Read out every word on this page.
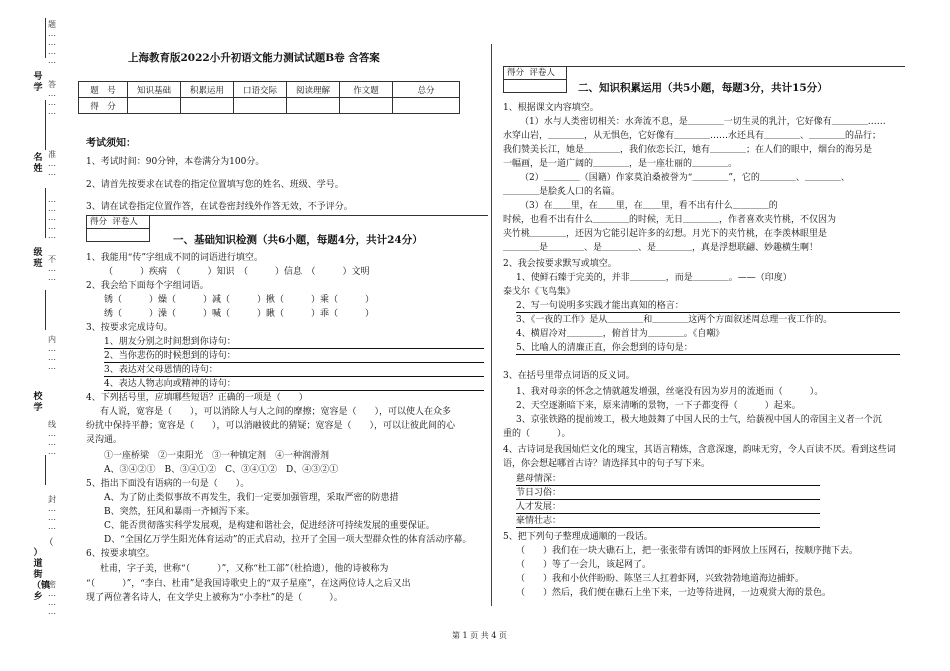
题
…
…
…
…
答
…
…
…
号学
准
…
…
名姓
…
…
…
…
…
级班 不
…
…
内
…
…
…
校学
线
…
…
…
封
…
…
…
（
）道街（镇乡
密
…
…
…
上海教育版2022小升初语文能力测试试题B卷 含答案
题　号	知识基础	积累运用	口语交际	阅读理解	作文题	总分
得　分						
考试须知：
1、考试时间：90分钟，本卷满分为100分。
2、请首先按要求在试卷的指定位置填写您的姓名、班级、学号。
3、请在试卷指定位置作答，在试卷密封线外作答无效，不予评分。
得分 评卷人
一、基础知识检测（共6小题，每题4分，共计24分）
1、我能用“传”字组成不同的词语进行填空。
（　　　）疾病　（　　　）知识　（　　　）信息　（　　　）文明
2、我会给下面每个字组词语。
锈（　　　）燥（　　　）减（　　　）揪（　　　）乘（　　　）
绣（　　　）澡（　　　）喊（　　　）瞅（　　　）乖（　　　）
3、按要求完成诗句。
1、朋友分别之时间想到你诗句：
2、当你悲伤的时候想到的诗句：
3、表达对父母恩情的诗句：
4、表达人物志向或精神的诗句：
4、下列括号里，应填哪些短语？正确的一项是（　　）
有人说，宽容是（　　），可以消除人与人之间的摩擦；宽容是（　　），可以使人在众多
纷扰中保持平静；宽容是（　　），可以消融彼此的猜疑；宽容是（　　），可以让彼此间的心
灵沟通。
①一座桥梁　②一束阳光　③一种镇定剂　④一种润滑剂
A、③④②①　B、③④①②　C、③④①②　D、④③②①
5、指出下面没有语病的一句是（　　）。
A、为了防止类似事故不再发生，我们一定要加强管理，采取严密的防患措
B、突然，狂风和暴雨一齐倾泻下来。
C、能否贯彻落实科学发展观，是构建和谐社会，促进经济可持续发展的重要保证。
D、“全国亿万学生阳光体育运动”的正式启动，拉开了全国一项大型群众性的体育活动序幕。
6、按要求填空。
杜甫，字子美，世称“（　　　）”，又称“杜工部”（杜拾遗），他的诗被称为
“（　　　）”，“李白、杜甫”是我国诗歌史上的“双子星座”，在这两位诗人之后又出
现了两位著名诗人，在文学史上被称为“小李杜”的是（　　　）。
得分 评卷人
二、知识积累运用（共5小题，每题3分，共计15分）
1、根据课文内容填空。
（1）水与人类密切相关：水奔流不息，是＿＿＿＿一切生灵的乳汁，它好像有＿＿＿＿……
水穿山岩，＿＿＿＿，从无惧色，它好像有＿＿＿＿……水还具有＿＿＿＿、＿＿＿＿的品行；
我们赞美长江，她是＿＿＿＿，我们依恋长江，她有＿＿＿＿；在人们的眼中，烟台的海另是
一幅画，是一道广阔的＿＿＿＿，是一座壮丽的＿＿＿＿。
（2）＿＿＿＿（国籍）作家莫泊桑被誉为“＿＿＿＿”，它的＿＿＿＿、＿＿＿＿、
＿＿＿＿是脍炙人口的名篇。
（3）在＿＿里，在＿＿里，在＿＿里，看不出有什么＿＿＿＿的
时候，也看不出有什么＿＿＿＿的时候，无日＿＿＿＿，作者喜欢夹竹桃，不仅因为
夹竹桃＿＿＿＿，还因为它能引起许多的幻想。月光下的夹竹桃，在李羡林眼里是
＿＿＿＿是＿＿＿＿、是＿＿＿＿、是＿＿＿＿，真是浮想联翩、妙趣横生啊！
2、我会按要求默写或填空。
1、使鲜石臻于完美的，并非＿＿＿＿，而是＿＿＿＿。——（印度）
泰戈尔《飞鸟集》
2、写一句说明多实践才能出真知的格言：
3、《一夜的工作》是从＿＿＿＿和＿＿＿＿这两个方面叙述周总理一夜工作的。
4、横眉冷对＿＿＿＿，俯首甘为＿＿＿＿。《自嘲》
5、比喻人的清廉正直，你会想到的诗句是：
3、在括号里带点词语的反义词。
1、我对母亲的怀念之情就越发增强，丝毫没有因为岁月的流逝而（　　　）。
2、天空逐渐暗下来，原来清晰的景物，一下子都变得（　　　）起来。
3、京张铁路的提前竣工，极大地鼓舞了中国人民的士气，给藐视中国人的帝国主义者一个沉
重的（　　　）。
4、古诗词是我国灿烂文化的瑰宝，其语言精炼，含意深邃，韵味无穷，令人百读不厌。看到这些词
语，你会想起哪首古诗？请选择其中的句子写下来。
慈母情深：
节日习俗：
人才发展：
豪情壮志：
5、把下列句子整理成通顺的一段话。
（　　）我们在一块大礁石上，把一张张带有诱饵的虾网放上压网石，按顺序抛下去。
（　　）等了一会儿，该起网了。
（　　）我和小伙伴盼盼、陈坚三人扛着虾网，兴致勃勃地道海边捕虾。
（　　）然后，我们便在礁石上坐下来，一边等待进网，一边观赏大海的景色。
第 1 页 共 4 页
